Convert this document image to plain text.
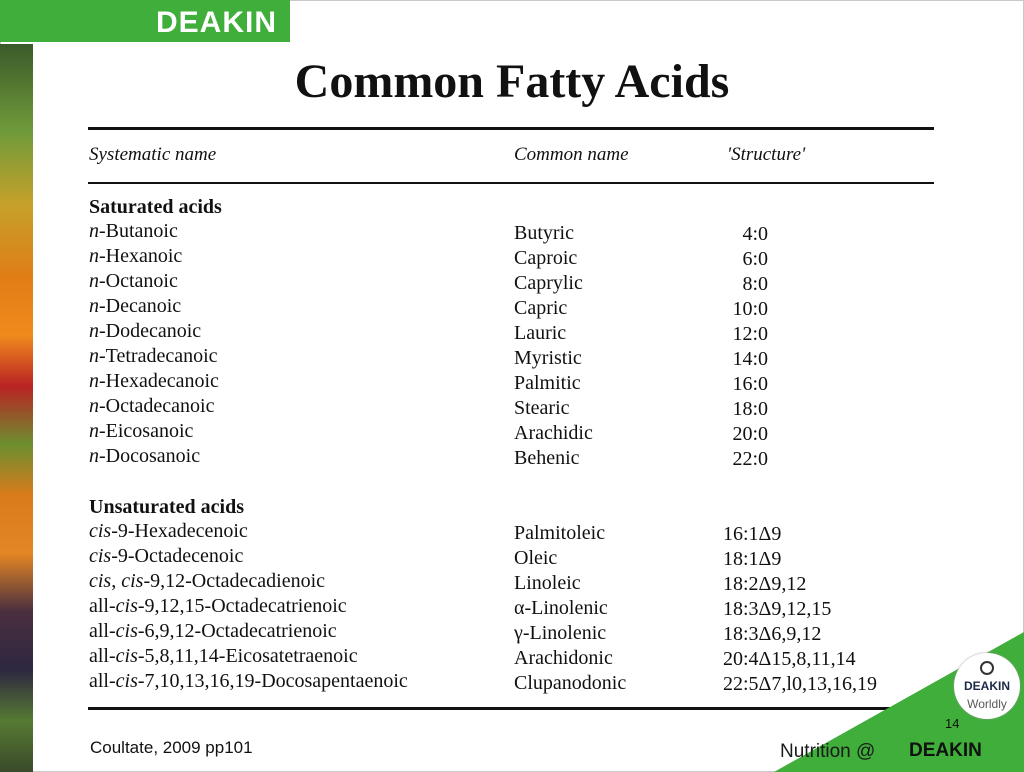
DEAKIN
Common Fatty Acids
Systematic name	Common name	'Structure'
Saturated acids
n-Butanoic	Butyric	4:0
n-Hexanoic	Caproic	6:0
n-Octanoic	Caprylic	8:0
n-Decanoic	Capric	10:0
n-Dodecanoic	Lauric	12:0
n-Tetradecanoic	Myristic	14:0
n-Hexadecanoic	Palmitic	16:0
n-Octadecanoic	Stearic	18:0
n-Eicosanoic	Arachidic	20:0
n-Docosanoic	Behenic	22:0
Unsaturated acids
cis-9-Hexadecenoic	Palmitoleic	16:1Δ9
cis-9-Octadecenoic	Oleic	18:1Δ9
cis, cis-9,12-Octadecadienoic	Linoleic	18:2Δ9,12
all-cis-9,12,15-Octadecatrienoic	α-Linolenic	18:3Δ9,12,15
all-cis-6,9,12-Octadecatrienoic	γ-Linolenic	18:3Δ6,9,12
all-cis-5,8,11,14-Eicosatetraenoic	Arachidonic	20:4Δ15,8,11,14
all-cis-7,10,13,16,19-Docosapentaenoic	Clupanodonic	22:5Δ7,l0,13,16,19
Coultate, 2009 pp101	Nutrition @ DEAKIN
DEAKIN
Worldly
14
